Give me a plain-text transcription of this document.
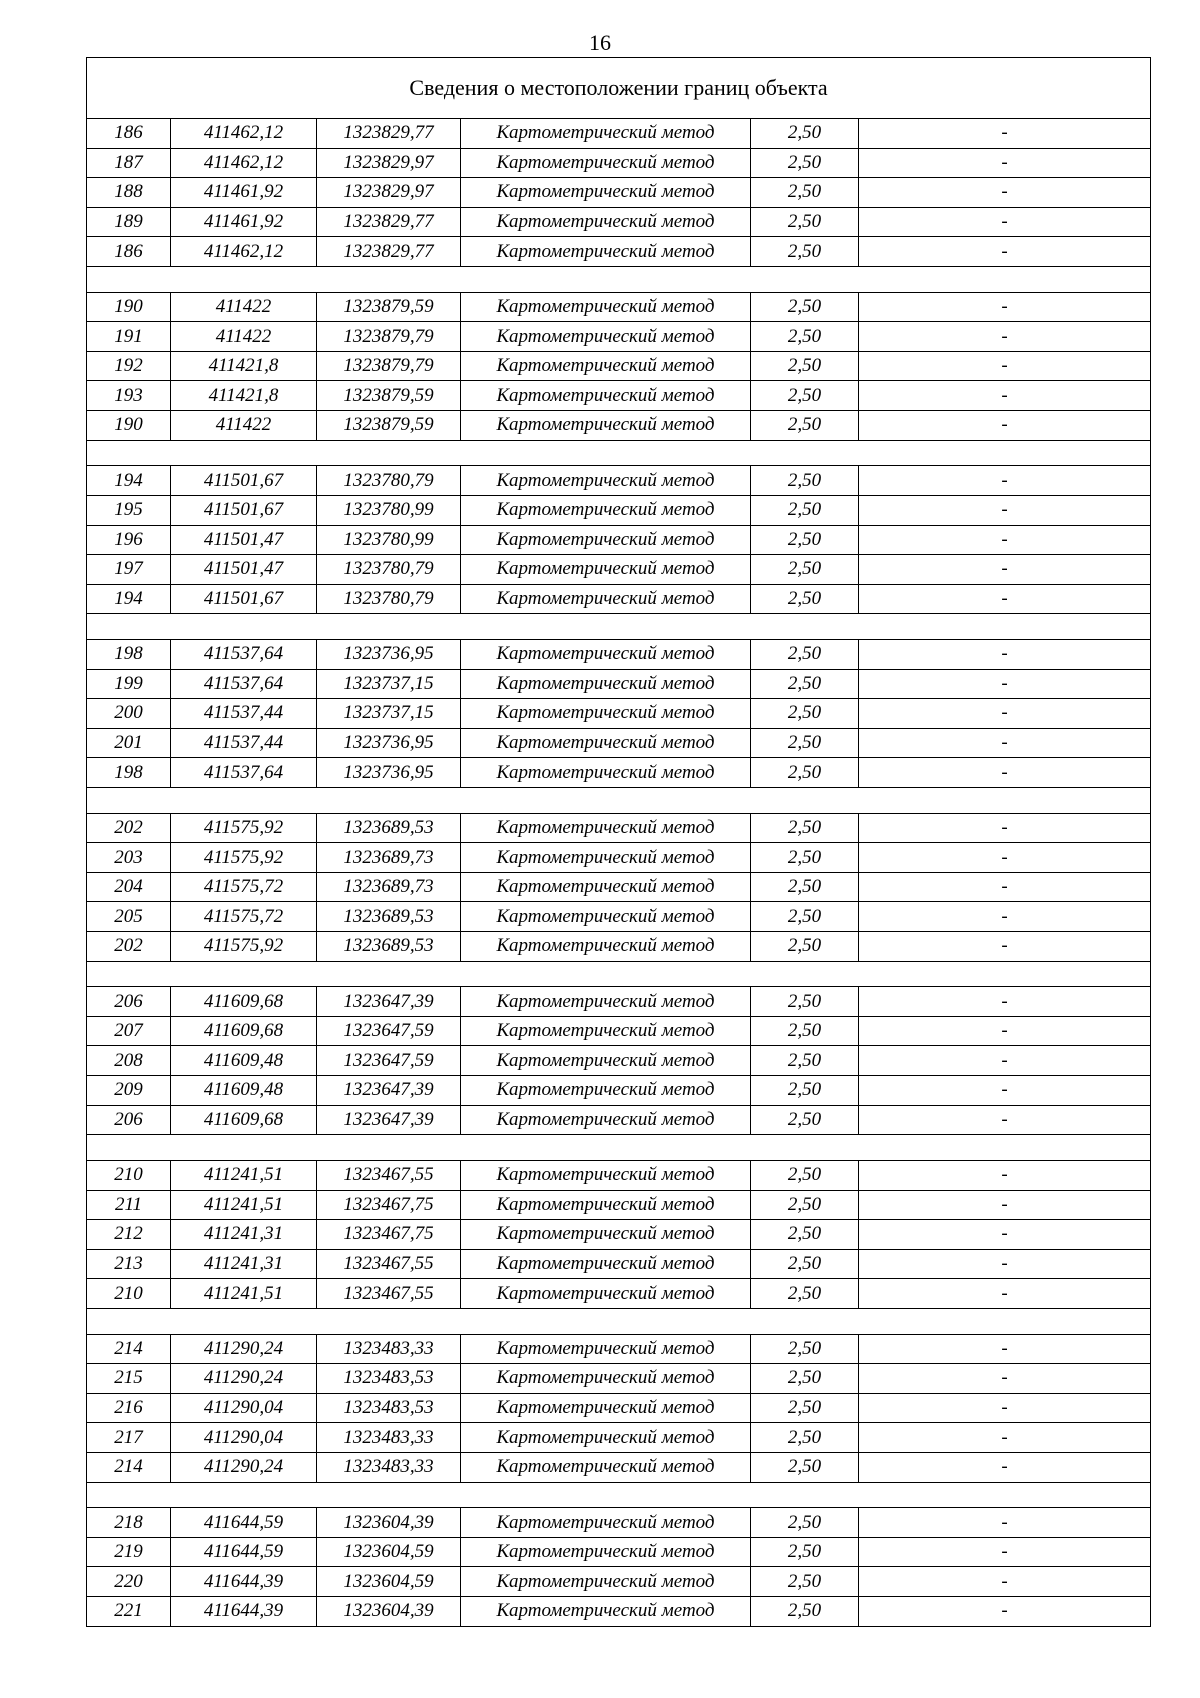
16
Сведения о местоположении границ объекта					
186	411462,12	1323829,77	Картометрический метод	2,50	-
187	411462,12	1323829,97	Картометрический метод	2,50	-
188	411461,92	1323829,97	Картометрический метод	2,50	-
189	411461,92	1323829,77	Картометрический метод	2,50	-
186	411462,12	1323829,77	Картометрический метод	2,50	-

190	411422	1323879,59	Картометрический метод	2,50	-
191	411422	1323879,79	Картометрический метод	2,50	-
192	411421,8	1323879,79	Картометрический метод	2,50	-
193	411421,8	1323879,59	Картометрический метод	2,50	-
190	411422	1323879,59	Картометрический метод	2,50	-

194	411501,67	1323780,79	Картометрический метод	2,50	-
195	411501,67	1323780,99	Картометрический метод	2,50	-
196	411501,47	1323780,99	Картометрический метод	2,50	-
197	411501,47	1323780,79	Картометрический метод	2,50	-
194	411501,67	1323780,79	Картометрический метод	2,50	-

198	411537,64	1323736,95	Картометрический метод	2,50	-
199	411537,64	1323737,15	Картометрический метод	2,50	-
200	411537,44	1323737,15	Картометрический метод	2,50	-
201	411537,44	1323736,95	Картометрический метод	2,50	-
198	411537,64	1323736,95	Картометрический метод	2,50	-

202	411575,92	1323689,53	Картометрический метод	2,50	-
203	411575,92	1323689,73	Картометрический метод	2,50	-
204	411575,72	1323689,73	Картометрический метод	2,50	-
205	411575,72	1323689,53	Картометрический метод	2,50	-
202	411575,92	1323689,53	Картометрический метод	2,50	-

206	411609,68	1323647,39	Картометрический метод	2,50	-
207	411609,68	1323647,59	Картометрический метод	2,50	-
208	411609,48	1323647,59	Картометрический метод	2,50	-
209	411609,48	1323647,39	Картометрический метод	2,50	-
206	411609,68	1323647,39	Картометрический метод	2,50	-

210	411241,51	1323467,55	Картометрический метод	2,50	-
211	411241,51	1323467,75	Картометрический метод	2,50	-
212	411241,31	1323467,75	Картометрический метод	2,50	-
213	411241,31	1323467,55	Картометрический метод	2,50	-
210	411241,51	1323467,55	Картометрический метод	2,50	-

214	411290,24	1323483,33	Картометрический метод	2,50	-
215	411290,24	1323483,53	Картометрический метод	2,50	-
216	411290,04	1323483,53	Картометрический метод	2,50	-
217	411290,04	1323483,33	Картометрический метод	2,50	-
214	411290,24	1323483,33	Картометрический метод	2,50	-

218	411644,59	1323604,39	Картометрический метод	2,50	-
219	411644,59	1323604,59	Картометрический метод	2,50	-
220	411644,39	1323604,59	Картометрический метод	2,50	-
221	411644,39	1323604,39	Картометрический метод	2,50	-
